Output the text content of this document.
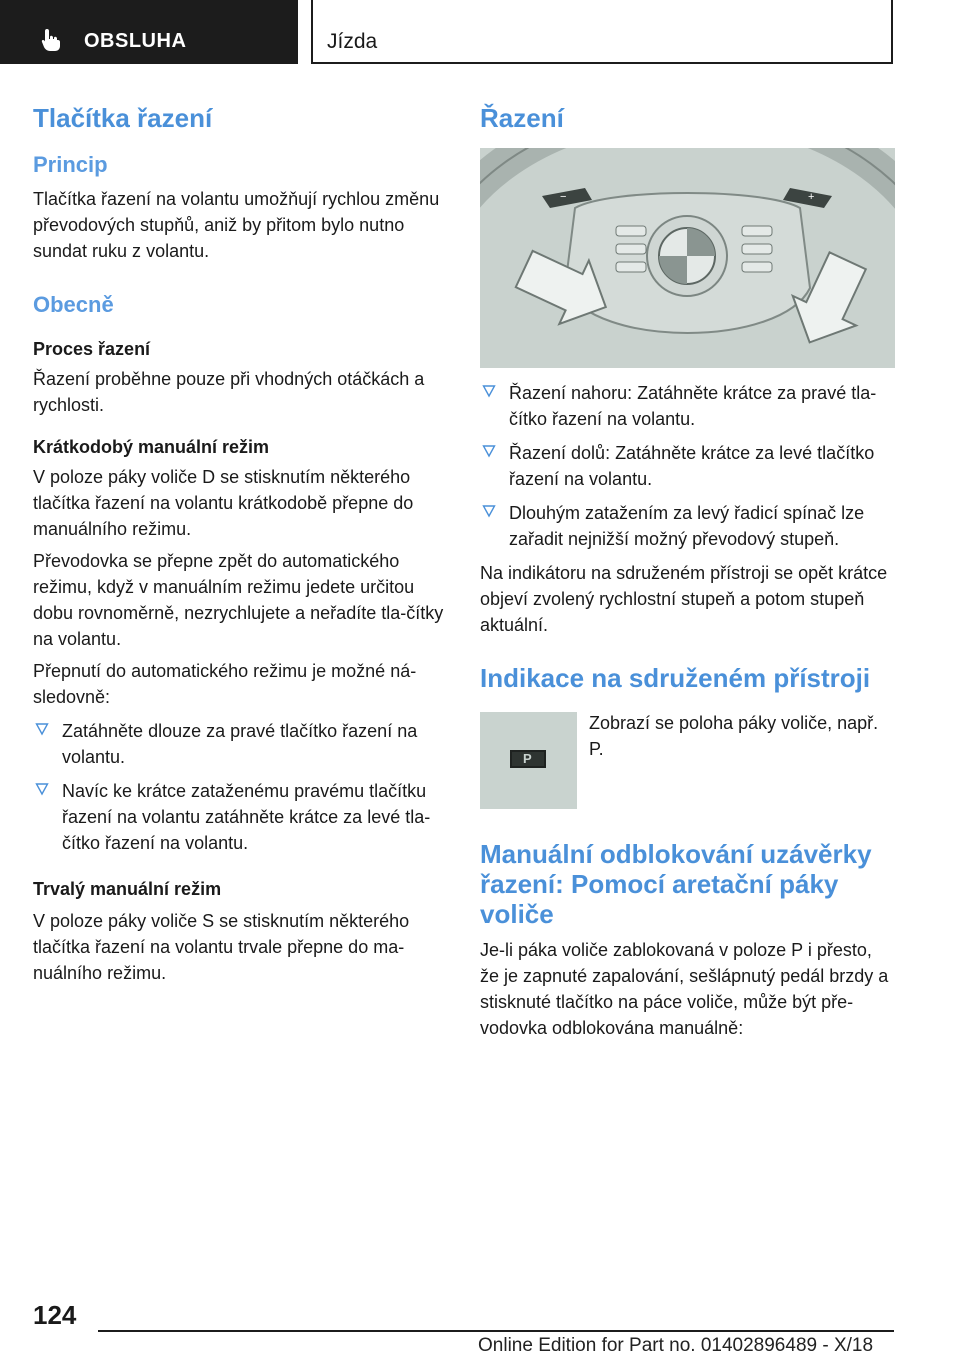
OBSLUHA	Jízda
Tlačítka řazení
Princip

Tlačítka řazení na volantu umožňují rychlou změnu převodových stupňů, aniž by přitom bylo nutno sundat ruku z volantu.

Obecně
Proces řazení

Řazení proběhne pouze při vhodných otáčkách a rychlosti.

Krátkodobý manuální režim

V poloze páky voliče D se stisknutím některého tlačítka řazení na volantu krátkodobě přepne do manuálního režimu.

Převodovka se přepne zpět do automatického režimu, když v manuálním režimu jedete určitou dobu rovnoměrně, nezrychlujete a neřadíte tla‐čítky na volantu.

Přepnutí do automatického režimu je možné ná‐sledovně:

Zatáhněte dlouze za pravé tlačítko řazení na volantu.
Navíc ke krátce zataženému pravému tlačítku řazení na volantu zatáhněte krátce za levé tla‐čítko řazení na volantu.
Trvalý manuální režim

V poloze páky voliče S se stisknutím některého tlačítka řazení na volantu trvale přepne do ma‐nuálního režimu.

Řazení
−	+
Řazení nahoru: Zatáhněte krátce za pravé tla‐čítko řazení na volantu.
Řazení dolů: Zatáhněte krátce za levé tlačítko řazení na volantu.
Dlouhým zatažením za levý řadicí spínač lze zařadit nejnižší možný převodový stupeň.

Na indikátoru na sdruženém přístroji se opět krátce objeví zvolený rychlostní stupeň a potom stupeň aktuální.

Indikace na sdruženém přístroji
P

Zobrazí se poloha páky voliče, např. P.

Manuální odblokování uzávěrky řazení: Pomocí aretační páky voliče

Je-li páka voliče zablokovaná v poloze P i přesto, že je zapnuté zapalování, sešlápnutý pedál brzdy a stisknuté tlačítko na páce voliče, může být pře‐vodovka odblokována manuálně:

124
Online Edition for Part no. 01402896489 - X/18
